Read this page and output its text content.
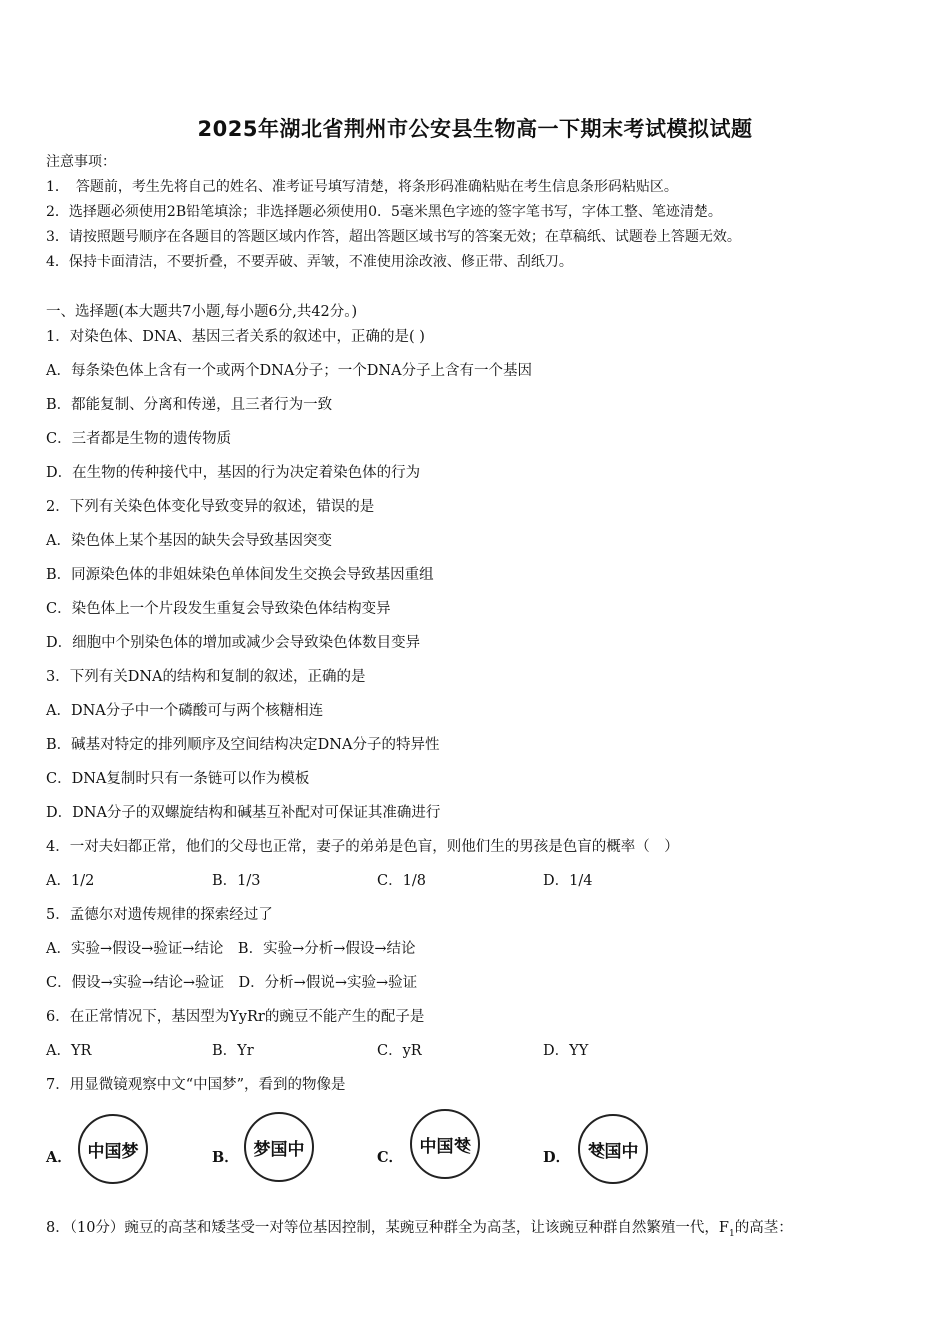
2025年湖北省荆州市公安县生物高一下期末考试模拟试题
注意事项：
1．　答题前，考生先将自己的姓名、准考证号填写清楚，将条形码准确粘贴在考生信息条形码粘贴区。
2．选择题必须使用2B铅笔填涂；非选择题必须使用0．5毫米黑色字迹的签字笔书写，字体工整、笔迹清楚。
3．请按照题号顺序在各题目的答题区域内作答，超出答题区域书写的答案无效；在草稿纸、试题卷上答题无效。
4．保持卡面清洁，不要折叠，不要弄破、弄皱，不准使用涂改液、修正带、刮纸刀。
一、选择题(本大题共7小题,每小题6分,共42分。)
1．对染色体、DNA、基因三者关系的叙述中，正确的是( )
A．每条染色体上含有一个或两个DNA分子；一个DNA分子上含有一个基因
B．都能复制、分离和传递，且三者行为一致
C．三者都是生物的遗传物质
D．在生物的传种接代中，基因的行为决定着染色体的行为
2．下列有关染色体变化导致变异的叙述，错误的是
A．染色体上某个基因的缺失会导致基因突变
B．同源染色体的非姐妹染色单体间发生交换会导致基因重组
C．染色体上一个片段发生重复会导致染色体结构变异
D．细胞中个别染色体的增加或减少会导致染色体数目变异
3．下列有关DNA的结构和复制的叙述，正确的是
A．DNA分子中一个磷酸可与两个核糖相连
B．碱基对特定的排列顺序及空间结构决定DNA分子的特异性
C．DNA复制时只有一条链可以作为模板
D．DNA分子的双螺旋结构和碱基互补配对可保证其准确进行
4．一对夫妇都正常，他们的父母也正常，妻子的弟弟是色盲，则他们生的男孩是色盲的概率（　）
A．1/2	B．1/3	C．1/8	D．1/4
5．孟德尔对遗传规律的探索经过了
A．实验→假设→验证→结论　B．实验→分析→假设→结论
C．假设→实验→结论→验证　D．分析→假说→实验→验证
6．在正常情况下，基因型为YyRr的豌豆不能产生的配子是
A．YR	B．Yr	C．yR	D．YY
7．用显微镜观察中文“中国梦”，看到的物像是
A． 中 国 梦	B． 梦 国 中	C．
中 国 梦
D． 梦 国 中
8．（10分）豌豆的高茎和矮茎受一对等位基因控制，某豌豆种群全为高茎，让该豌豆种群自然繁殖一代，$F_1$的高茎：
